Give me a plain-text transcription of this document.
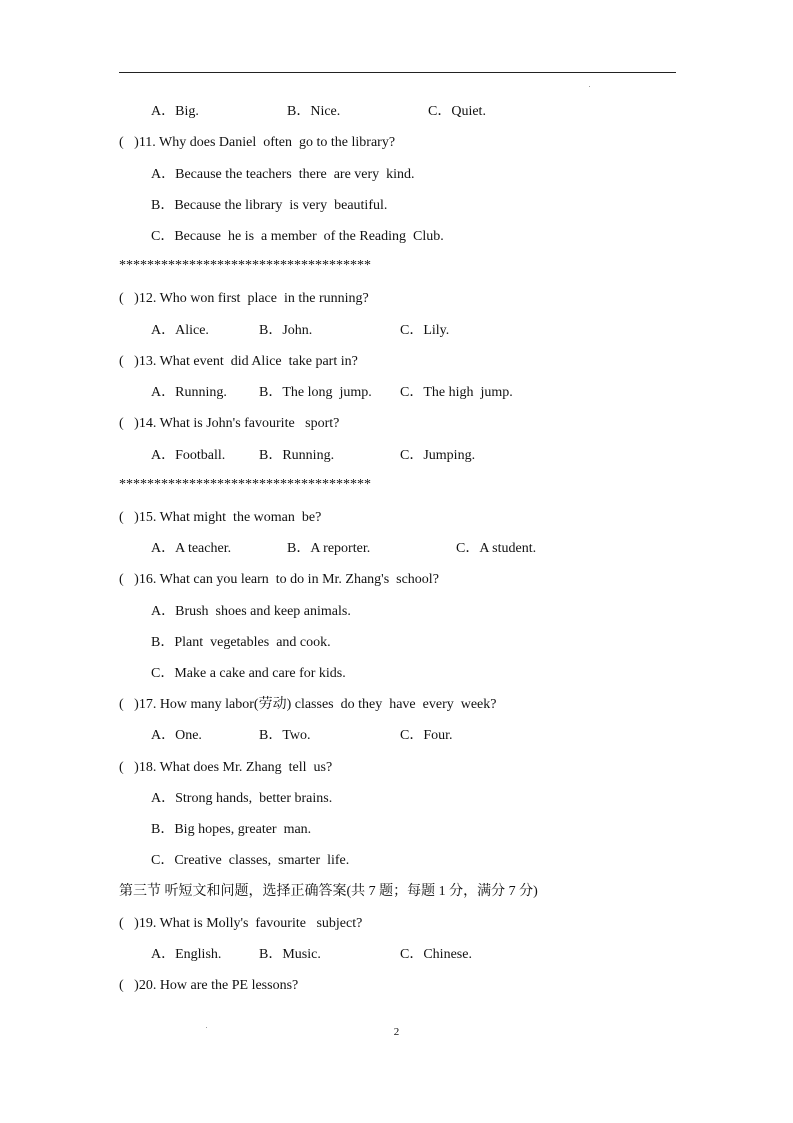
A．Big.	B．Nice.	C．Quiet.
(   )11. Why does Daniel  often  go to the library?
A．Because the teachers  there  are very  kind.
B．Because the library  is very  beautiful.
C．Because  he is  a member  of the Reading  Club.
************************************
(   )12. Who won first  place  in the running?
A．Alice.	B．John.	C．Lily.
(   )13. What event  did Alice  take part in?
A．Running. B．The long  jump. C．The high  jump.
(   )14. What is John's favourite   sport?
A．Football. B．Running.	C．Jumping.
************************************
(   )15. What might  the woman  be?
A．A teacher.	B．A reporter.	C．A student.
(   )16. What can you learn  to do in Mr. Zhang's  school?
A．Brush  shoes and keep animals.
B．Plant  vegetables  and cook.
C．Make a cake and care for kids.
(   )17. How many labor(劳动) classes  do they  have  every  week?
A．One.	B．Two.	C．Four.
(   )18. What does Mr. Zhang  tell  us?
A．Strong hands,  better brains.
B．Big hopes, greater  man.
C．Creative  classes,  smarter  life.
第三节 听短文和问题，选择正确答案(共 7 题；每题 1 分，满分 7 分)
(   )19. What is Molly's  favourite   subject?
A．English.	B．Music.	C．Chinese.
(   )20. How are the PE lessons?
2
